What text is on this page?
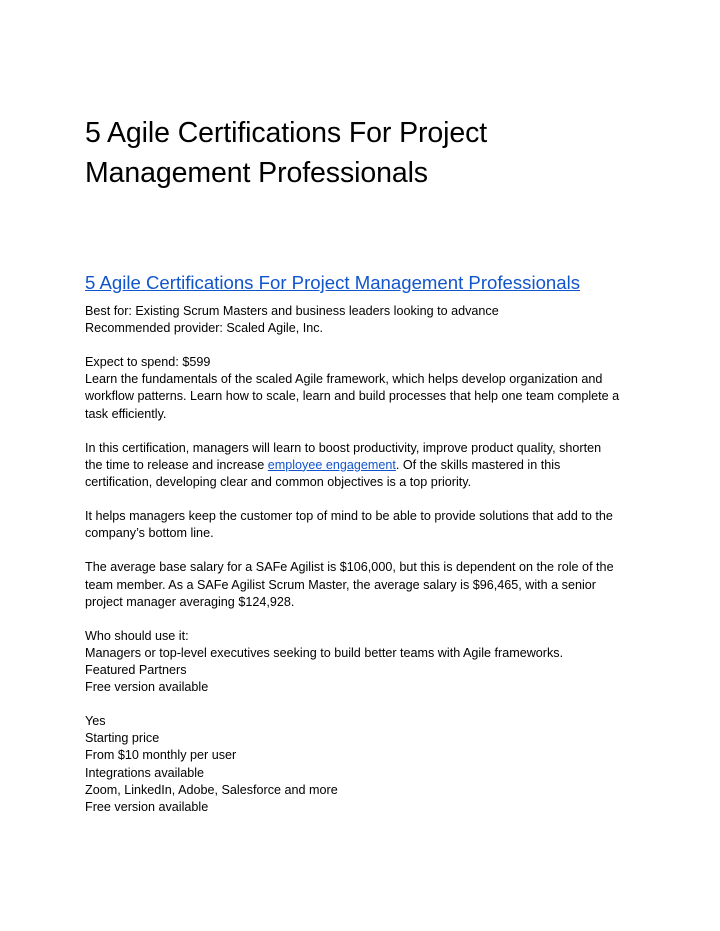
5 Agile Certifications For Project
Management Professionals
5 Agile Certifications For Project Management Professionals
Best for: Existing Scrum Masters and business leaders looking to advance
Recommended provider: Scaled Agile, Inc.
Expect to spend: $599
Learn the fundamentals of the scaled Agile framework, which helps develop organization and
workflow patterns. Learn how to scale, learn and build processes that help one team complete a
task efficiently.
In this certification, managers will learn to boost productivity, improve product quality, shorten
the time to release and increase employee engagement. Of the skills mastered in this
certification, developing clear and common objectives is a top priority.
It helps managers keep the customer top of mind to be able to provide solutions that add to the
company’s bottom line.
The average base salary for a SAFe Agilist is $106,000, but this is dependent on the role of the
team member. As a SAFe Agilist Scrum Master, the average salary is $96,465, with a senior
project manager averaging $124,928.
Who should use it:
Managers or top-level executives seeking to build better teams with Agile frameworks.
Featured Partners
Free version available
Yes
Starting price
From $10 monthly per user
Integrations available
Zoom, LinkedIn, Adobe, Salesforce and more
Free version available
